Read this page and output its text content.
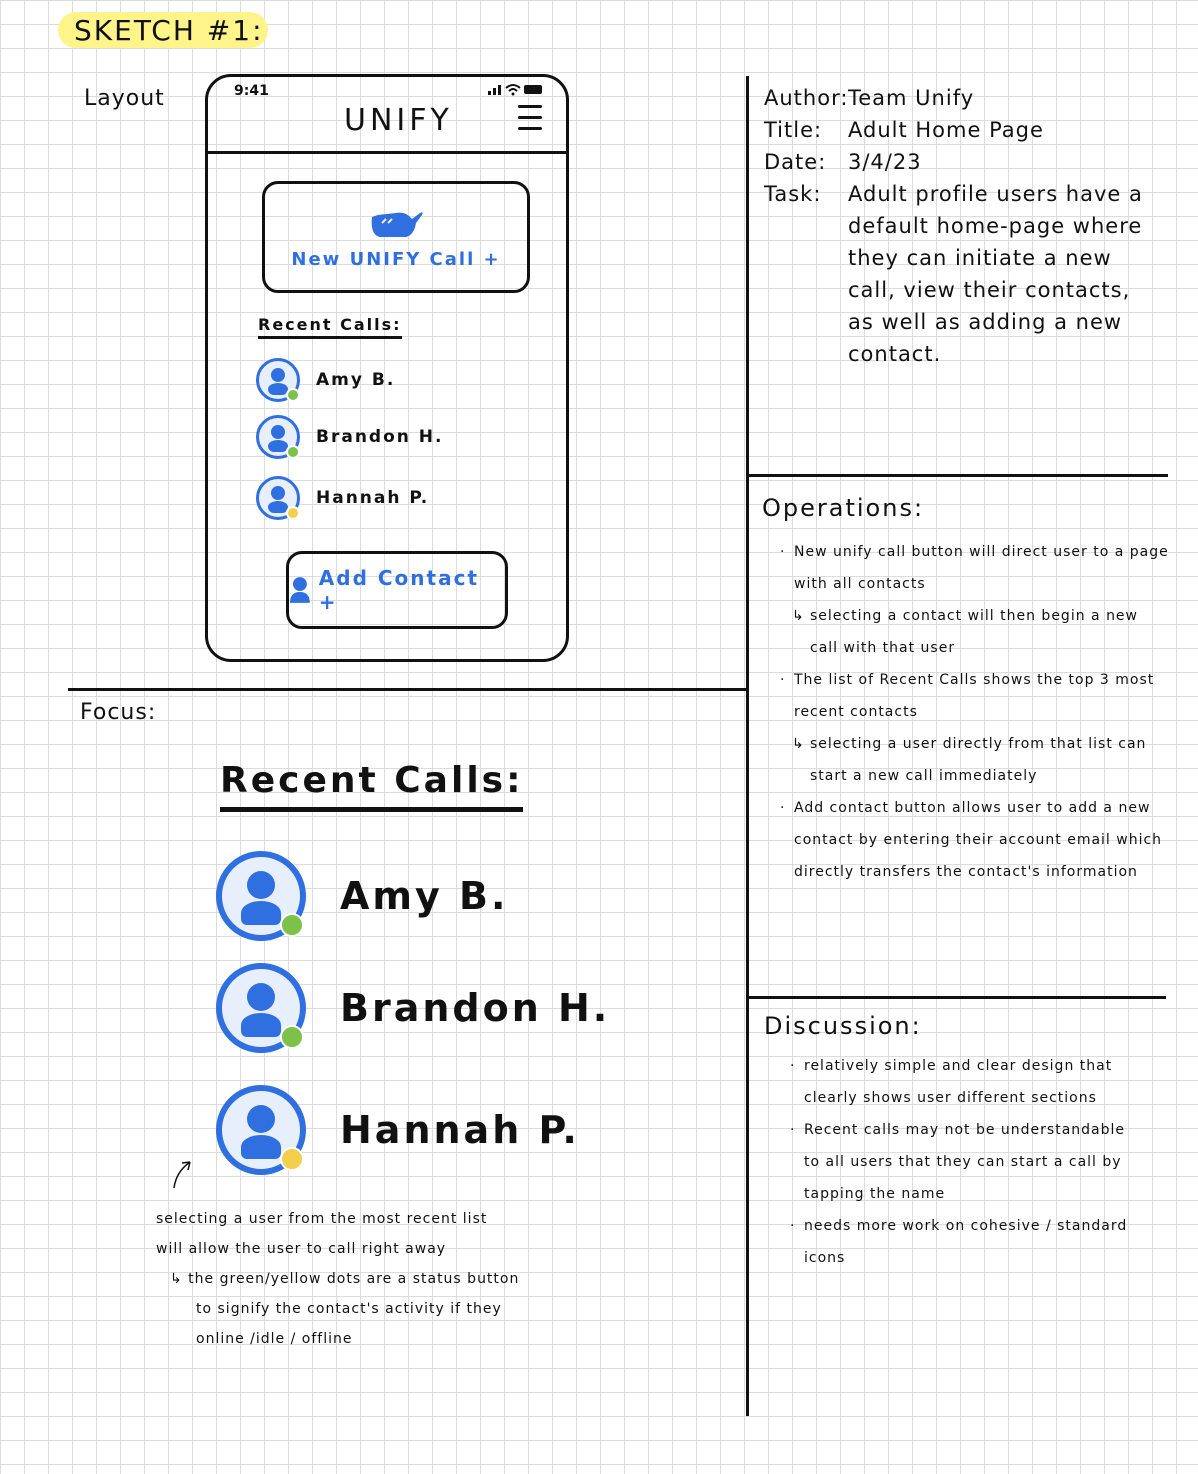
SKETCH #1:
Layout
Focus:
9:41
UNIFY
New UNIFY Call +
Recent Calls:
Amy B.
Brandon H.
Hannah P.
Add Contact +
Recent Calls:
Amy B.
Brandon H.
Hannah P.
selecting a user from the most recent list
will allow the user to call right away
↳ the green/yellow dots are a status button
to signify the contact's activity if they
online /idle / offline
Author: Team Unify
Title:	Adult Home Page
Date:	3/4/23
Task:	Adult profile users have a default home-page where they can initiate a new call, view their contacts, as well as adding a new contact.
Operations:
· New unify call button will direct user to a page with all contacts
↳ selecting a contact will then begin a new call with that user
· The list of Recent Calls shows the top 3 most recent contacts
↳ selecting a user directly from that list can start a new call immediately
· Add contact button allows user to add a new contact by entering their account email which directly transfers the contact's information
Discussion:
· relatively simple and clear design that clearly shows user different sections
· Recent calls may not be understandable to all users that they can start a call by tapping the name
· needs more work on cohesive / standard icons
